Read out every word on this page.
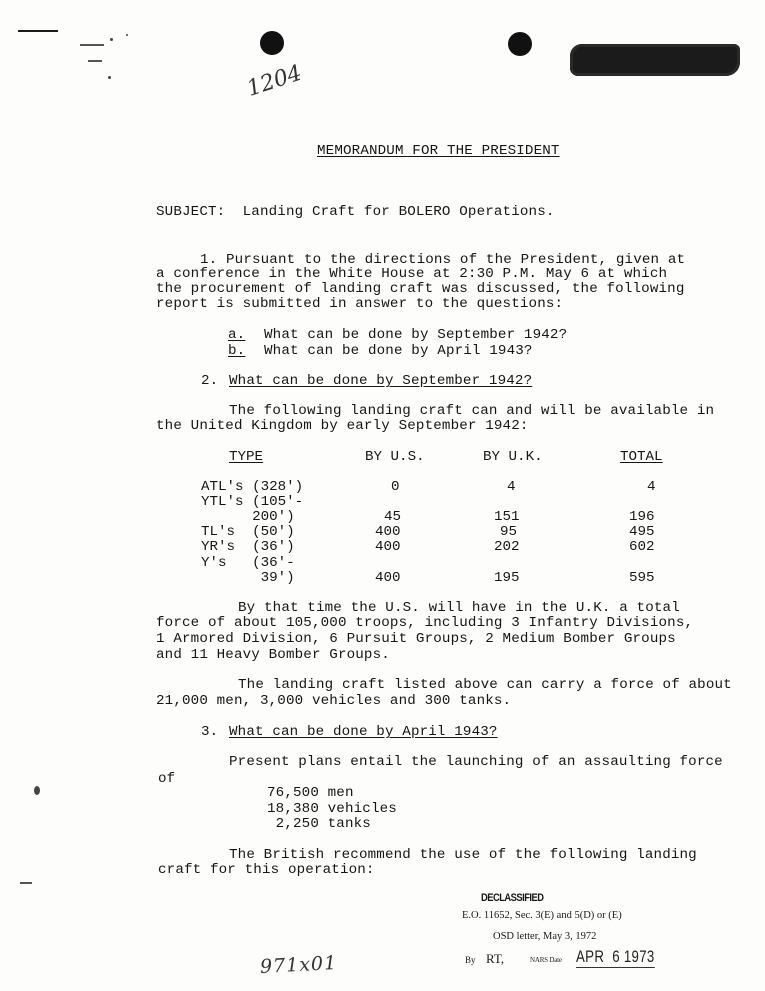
1204
MEMORANDUM FOR THE PRESIDENT
SUBJECT:  Landing Craft for BOLERO Operations.
1. Pursuant to the directions of the President, given at
a conference in the White House at 2:30 P.M. May 6 at which
the procurement of landing craft was discussed, the following
report is submitted in answer to the questions:
a. What can be done by September 1942?
b. What can be done by April 1943?
2. What can be done by September 1942?
The following landing craft can and will be available in
the United Kingdom by early September 1942:
TYPE	BY U.S.	BY U.K.	TOTAL
ATL's (328')	0	4	4
YTL's (105'-
200')	45	151	196
TL's  (50')	400	95	495
YR's  (36')	400	202	602
Y's   (36'-
39')	400	195	595
By that time the U.S. will have in the U.K. a total
force of about 105,000 troops, including 3 Infantry Divisions,
1 Armored Division, 6 Pursuit Groups, 2 Medium Bomber Groups
and 11 Heavy Bomber Groups.
The landing craft listed above can carry a force of about
21,000 men, 3,000 vehicles and 300 tanks.
3. What can be done by April 1943?
Present plans entail the launching of an assaulting force
of
76,500 men
18,380 vehicles
2,250 tanks
The British recommend the use of the following landing
craft for this operation:
DECLASSIFIED
E.O. 11652, Sec. 3(E) and 5(D) or (E)
OSD letter, May 3, 1972
By RT,	NARS Date APR  6 1973
971x01
